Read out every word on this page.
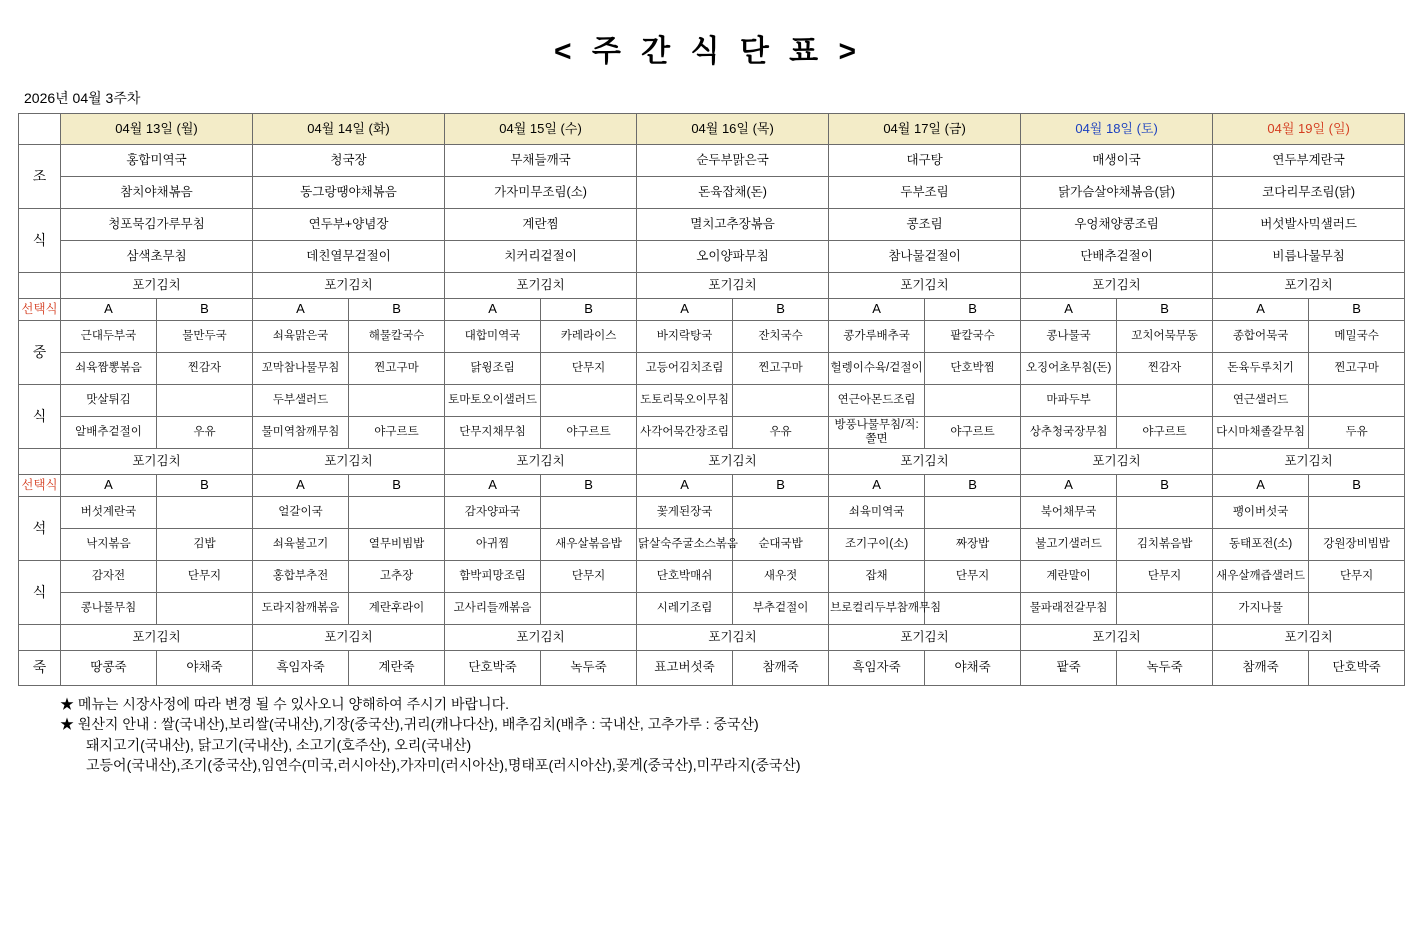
< 주 간 식 단 표 >
2026년 04월 3주차
	04월 13일 (월)		04월 14일 (화)		04월 15일 (수)		04월 16일 (목)		04월 17일 (금)		04월 18일 (토)		04월 19일 (일)	
조	홍합미역국		청국장		무채들깨국		순두부맑은국		대구탕		매생이국		연두부계란국	
	참치야채볶음		동그랑땡야채볶음		가자미무조림(소)		돈육잡채(돈)		두부조림		닭가슴살야채볶음(닭)		코다리무조림(닭)	
식	청포묵김가루무침		연두부+양념장		계란찜		멸치고추장볶음		콩조림		우엉채양콩조림		버섯발사믹샐러드	
	삼색초무침		데친열무겉절이		치커리겉절이		오이양파무침		참나물겉절이		단배추겉절이		비름나물무침	
	포기김치		포기김치		포기김치		포기김치		포기김치		포기김치		포기김치	
선택식	A	B	A	B	A	B	A	B	A	B	A	B	A	B
중	근대두부국	물만두국	쇠육맑은국	해물칼국수	대합미역국	카레라이스	바지락탕국	잔치국수	콩가루배추국	팥칼국수	콩나물국	꼬치어묵무동	종합어묵국	메밀국수
	쇠육짬뽕볶음	찐감자	꼬막참나물무침	찐고구마	닭윙조림	단무지	고등어김치조림	찐고구마	헐렝이수육/겉절이	단호박찜	오징어초무침(돈)	찐감자	돈육두루치기	찐고구마
식	맛살튀김		두부샐러드		토마토오이샐러드		도토리묵오이무침		연근아몬드조림		마파두부		연근샐러드	
	알배추겉절이	우유	물미역참깨무침	야구르트	단무지채무침	야구르트	사각어묵간장조림	우유	방풍나물무침/직:쫄면	야구르트	상추청국장무침	야구르트	다시마채졸갈무침	두유
	포기김치		포기김치		포기김치		포기김치		포기김치		포기김치		포기김치	
선택식	A	B	A	B	A	B	A	B	A	B	A	B	A	B
석	버섯계란국		얼갈이국		감자양파국		꽃게된장국		쇠육미역국		북어채무국		팽이버섯국	
	낙지볶음	김밥	쇠육불고기	열무비빔밥	아귀찜	새우살볶음밥	닭살숙주굴소스볶음	순대국밥	조기구이(소)	짜장밥	불고기샐러드	김치볶음밥	동태포전(소)	강원장비빔밥
식	감자전	단무지	홍합부추전	고추장	함박피망조림	단무지	단호박매쉬	새우젓	잡채	단무지	계란말이	단무지	새우살깨즙샐러드	단무지
	콩나물무침		도라지참깨볶음	계란후라이	고사리들깨볶음		시레기조림	부추겉절이	브로컬리두부참깨무침		물파래전갈무침		가지나물	
	포기김치		포기김치		포기김치		포기김치		포기김치		포기김치		포기김치	
죽	땅콩죽	야채죽	흑임자죽	계란죽	단호박죽	녹두죽	표고버섯죽	참깨죽	흑임자죽	야채죽	팥죽	녹두죽	참깨죽	단호박죽
★ 메뉴는 시장사정에 따라 변경 될 수 있사오니 양해하여 주시기 바랍니다.
★ 원산지 안내 : 쌀(국내산),보리쌀(국내산),기장(중국산),귀리(캐나다산), 배추김치(배추 : 국내산, 고추가루 : 중국산)
돼지고기(국내산), 닭고기(국내산), 소고기(호주산), 오리(국내산)
고등어(국내산),조기(중국산),임연수(미국,러시아산),가자미(러시아산),명태포(러시아산),꽃게(중국산),미꾸라지(중국산)
